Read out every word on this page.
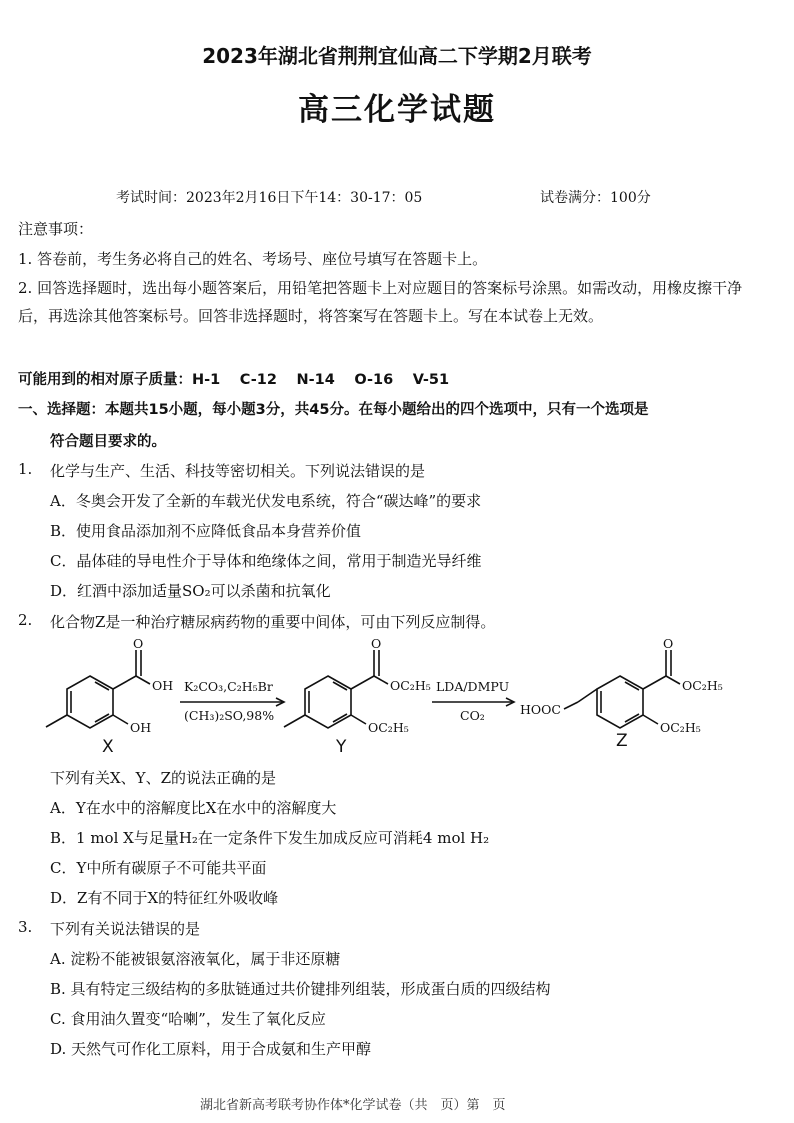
2023年湖北省荆荆宜仙高二下学期2月联考
高三化学试题
考试时间：2023年2月16日下午14：30-17：05	试卷满分：100分
注意事项：
1. 答卷前，考生务必将自己的姓名、考场号、座位号填写在答题卡上。
2. 回答选择题时，选出每小题答案后，用铅笔把答题卡上对应题目的答案标号涂黑。如需改动，用橡皮擦干净后，再选涂其他答案标号。回答非选择题时，将答案写在答题卡上。写在本试卷上无效。
可能用到的相对原子质量：H-1　 C-12　 N-14　 O-16　 V-51
一、选择题：本题共15小题，每小题3分，共45分。在每小题给出的四个选项中，只有一个选项是
符合题目要求的。
1. 化学与生产、生活、科技等密切相关。下列说法错误的是
A．冬奥会开发了全新的车载光伏发电系统，符合“碳达峰”的要求
B．使用食品添加剂不应降低食品本身营养价值
C．晶体硅的导电性介于导体和绝缘体之间，常用于制造光导纤维
D．红酒中添加适量SO₂可以杀菌和抗氧化
2. 化合物Z是一种治疗糖尿病药物的重要中间体，可由下列反应制得。
O
OH
OH
K₂CO₃,C₂H₅Br
(CH₃)₂SO,98%
O
OC₂H₅
OC₂H₅
LDA/DMPU
CO₂	HOOC
O
OC₂H₅
OC₂H₅
X	Y	Z
下列有关X、Y、Z的说法正确的是
A．Y在水中的溶解度比X在水中的溶解度大
B．1 mol X与足量H₂在一定条件下发生加成反应可消耗4 mol H₂
C．Y中所有碳原子不可能共平面
D．Z有不同于X的特征红外吸收峰
3. 下列有关说法错误的是
A. 淀粉不能被银氨溶液氧化，属于非还原糖
B. 具有特定三级结构的多肽链通过共价键排列组装，形成蛋白质的四级结构
C. 食用油久置变“哈喇”，发生了氧化反应
D. 天然气可作化工原料，用于合成氨和生产甲醇
湖北省新高考联考协作体*化学试卷（共　页）第　页
